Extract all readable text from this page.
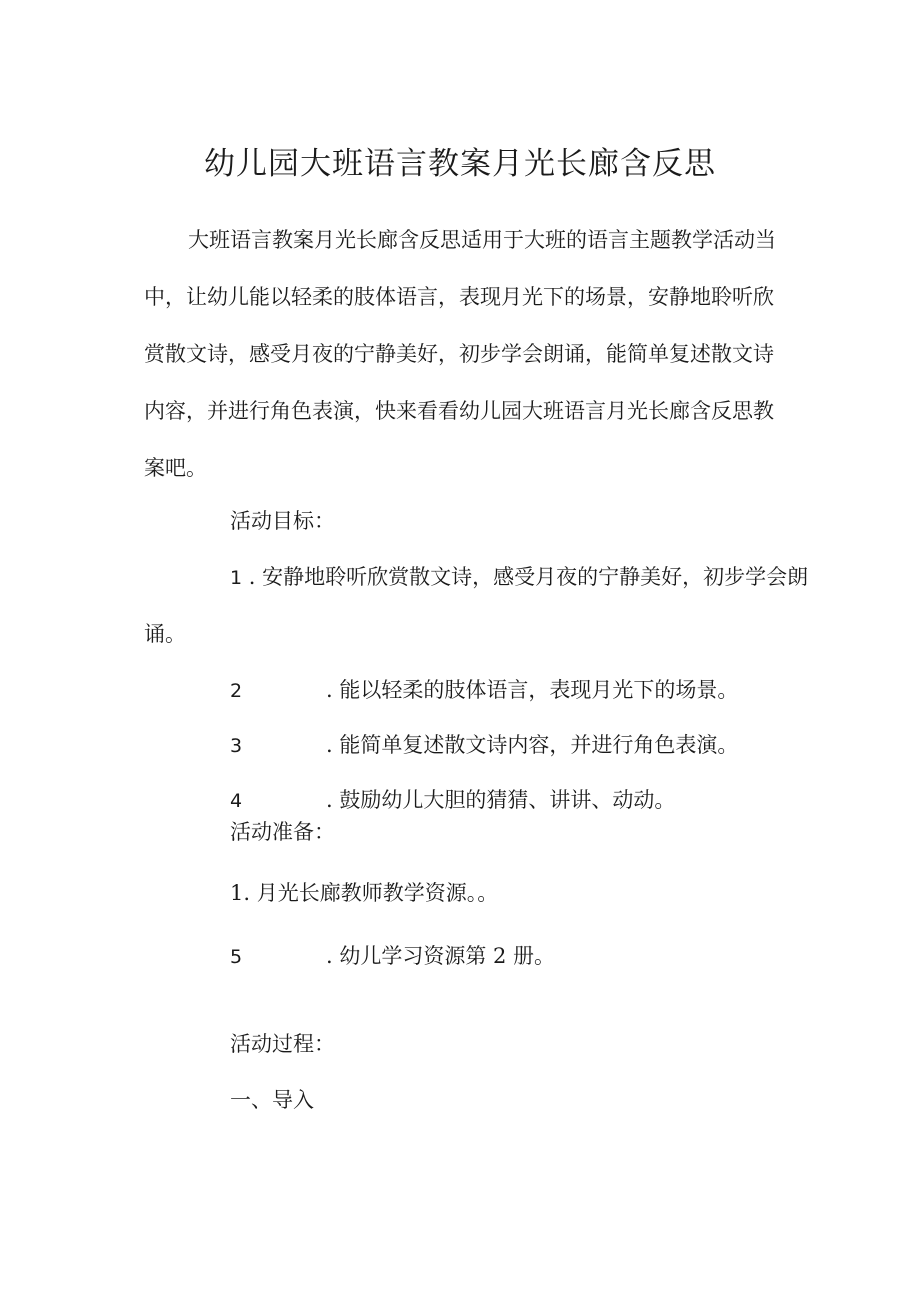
幼儿园大班语言教案月光长廊含反思

大班语言教案月光长廊含反思适用于大班的语言主题教学活动当中，让幼儿能以轻柔的肢体语言，表现月光下的场景，安静地聆听欣赏散文诗，感受月夜的宁静美好，初步学会朗诵，能简单复述散文诗内容，并进行角色表演，快来看看幼儿园大班语言月光长廊含反思教案吧。

活动目标：

1 . 安静地聆听欣赏散文诗，感受月夜的宁静美好，初步学会朗

诵。

2	. 能以轻柔的肢体语言，表现月光下的场景。

3	. 能简单复述散文诗内容，并进行角色表演。

4	. 鼓励幼儿大胆的猜猜、讲讲、动动。

活动准备：

1. 月光长廊教师教学资源。。

5	. 幼儿学习资源第 2 册。

活动过程：

一、导入
